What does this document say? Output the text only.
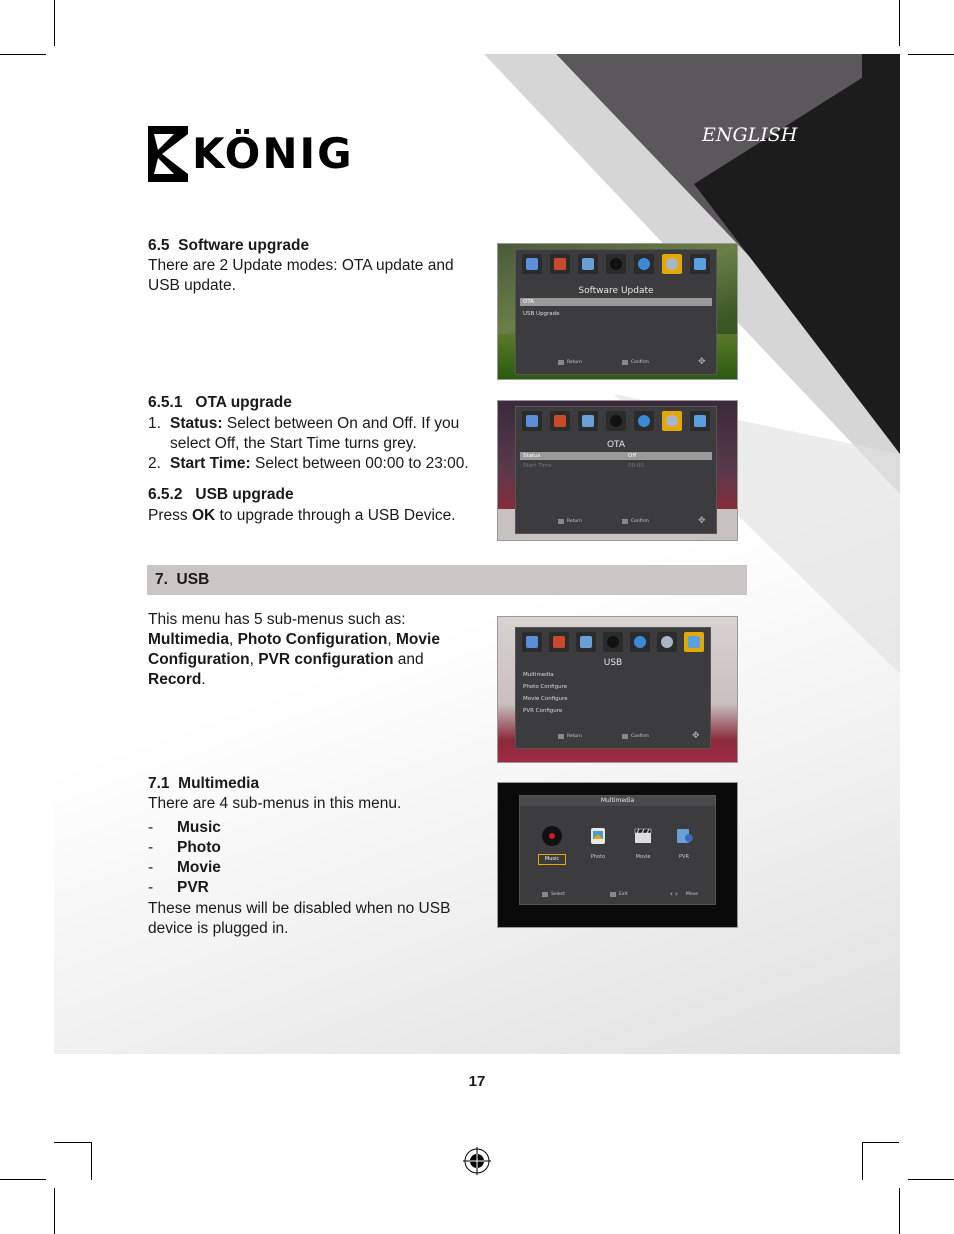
KÖNIG	ENGLISH
6.5  Software upgrade
There are 2 Update modes: OTA update and USB update.	Software Update
OTA
USB Upgrade
Return	Confirm	✥
6.5.1   OTA upgrade
1. Status: Select between On and Off. If you select Off, the Start Time turns grey.
2. Start Time: Select between 00:00 to 23:00.
6.5.2   USB upgrade
Press OK to upgrade through a USB Device.
OTA
Status	Off
Start Time	00:00
Return	Confirm	✥
7.  USB
This menu has 5 sub-menus such as:
Multimedia, Photo Configuration, Movie Configuration, PVR configuration and Record.
USB
Multimedia
Photo Configure
Movie Configure
PVR Configure
Return	Confirm	✥
7.1  Multimedia
There are 4 sub-menus in this menu.
- Music
- Photo
- Movie
- PVR
These menus will be disabled when no USB device is plugged in.
Multimedia
Music	Photo	Movie	PVR
Select	Exit	‹ › Move
17
